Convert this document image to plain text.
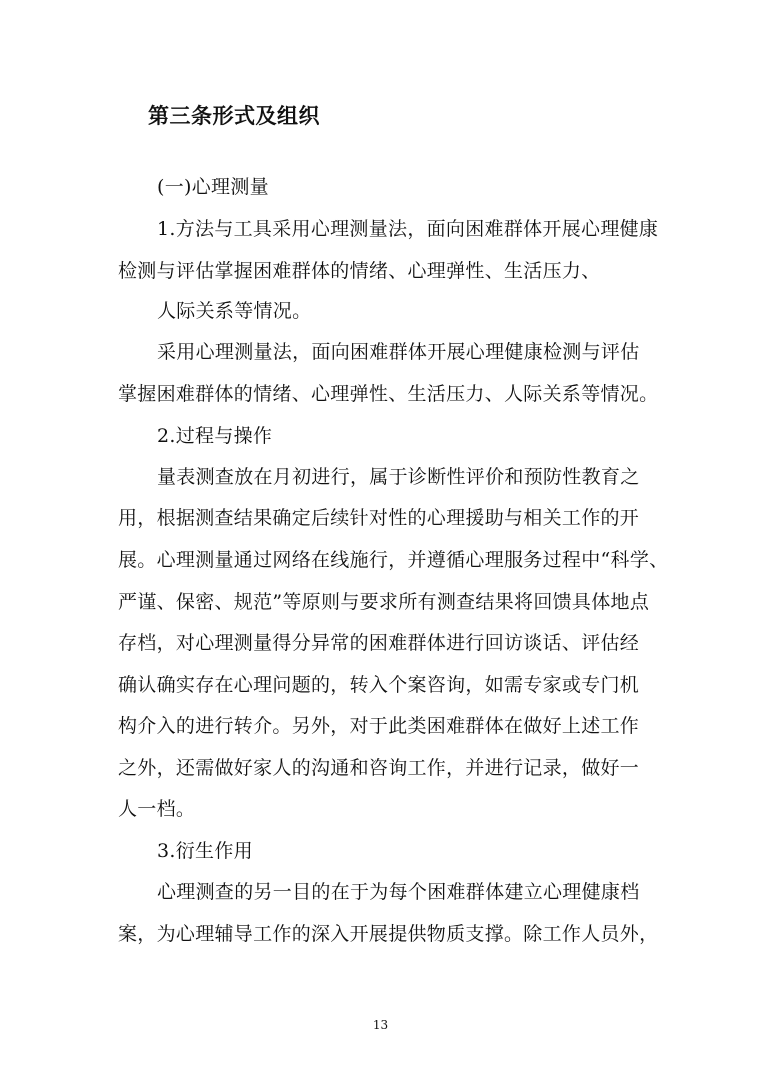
第三条形式及组织
(一)心理测量
1.方法与工具采用心理测量法，面向困难群体开展心理健康
检测与评估掌握困难群体的情绪、心理弹性、生活压力、
人际关系等情况。
采用心理测量法，面向困难群体开展心理健康检测与评估
掌握困难群体的情绪、心理弹性、生活压力、人际关系等情况。
2.过程与操作
量表测查放在月初进行，属于诊断性评价和预防性教育之
用，根据测查结果确定后续针对性的心理援助与相关工作的开
展。心理测量通过网络在线施行，并遵循心理服务过程中“科学、
严谨、保密、规范”等原则与要求所有测查结果将回馈具体地点
存档，对心理测量得分异常的困难群体进行回访谈话、评估经
确认确实存在心理问题的，转入个案咨询，如需专家或专门机
构介入的进行转介。另外，对于此类困难群体在做好上述工作
之外，还需做好家人的沟通和咨询工作，并进行记录，做好一
人一档。
3.衍生作用
心理测查的另一目的在于为每个困难群体建立心理健康档
案，为心理辅导工作的深入开展提供物质支撑。除工作人员外，
13
